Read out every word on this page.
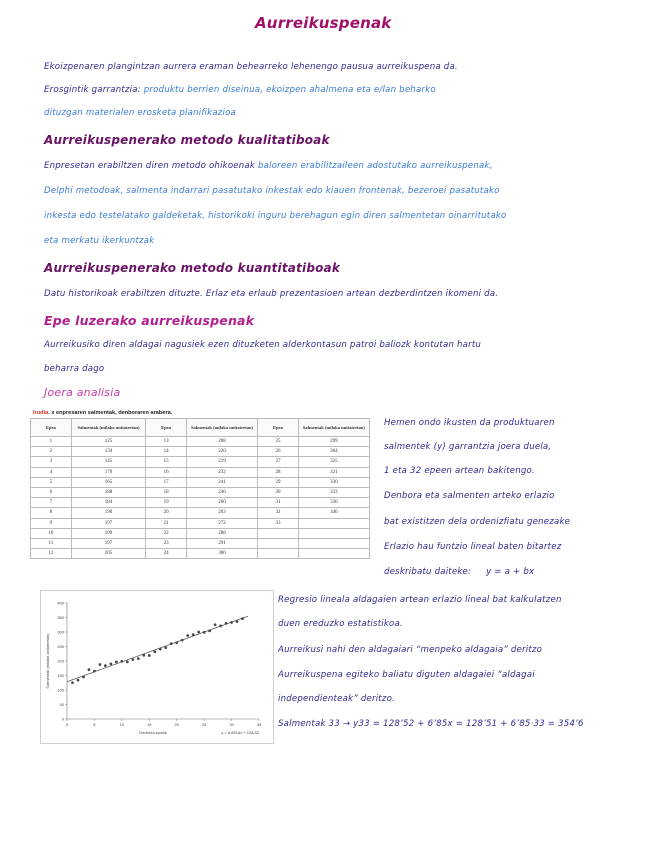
Aurreikuspenak
Ekoizpenaren plangintzan aurrera eraman behearreko lehenengo pausua aurreikuspena da.
Erosgintik garrantzia: produktu berrien diseinua, ekoizpen ahalmena eta e/lan beharko
dituzgan materialen erosketa planifikazioa
Aurreikuspenerako metodo kualitatiboak
Enpresetan erabiltzen diren metodo ohikoenak baloreen erabilitzaileen adostutako aurreikuspenak,
Delphi metodoak, salmenta indarrari pasatutako inkestak edo kiauen frontenak, bezeroei pasatutako
inkesta edo testelatako galdeketak, historikoki inguru berehagun egin diren salmentetan oinarritutako
eta merkatu ikerkuntzak
Aurreikuspenerako metodo kuantitatiboak
Datu historikoak erabiltzen dituzte. Erlaz eta erlaub prezentasioen artean dezberdintzen ikomeni da.
Epe luzerako aurreikuspenak
Aurreikusiko diren aldagai nagusiek ezen dituzketen alderkontasun patroi baliozk kontutan hartu
beharra dago
Joera analisia
Irudia. x enpresaren salmentak, denboraren arabera.
Epea	Salmentak (milaka unitateetan)	Epea	Salmentak (milaka unitateetan)	Epea	Salmentak (milaka unitateetan)
1	125	13	208	25	299
2	134	14	220	26	304
3	145	15	219	27	325
4	170	16	232	28	321
5	165	17	241	29	330
6	188	18	246	30	333
7	184	19	260	31	336
8	190	20	263	32	346
9	197	21	272	33	
10	199	22	288		
11	197	23	291		
12	205	24	300		
Hemen ondo ikusten da produktuaren
salmentek (y) garrantzia joera duela,
1 eta 32 epeen artean bakitengo.
Denbora eta salmenten arteko erlazio
bat existitzen dela ordenizfiatu genezake
Erlazio hau funtzio lineal baten bitartez
deskribatu daiteke: y = a + bx
0
50
100
150
200
250
300
350
400
0	5	10	15	20	25	30	35
Denbora-epeak
Salmentak (milaka unitateetan)
y = 6,8516x + 128,52
Regresio lineala aldagaien artean erlazio lineal bat kalkulatzen
duen ereduzko estatistikoa.
Aurreikusi nahi den aldagaiari “menpeko aldagaia” deritzo
Aurreikuspena egiteko baliatu diguten aldagaiei “aldagai
independienteak” deritzo.
Salmentak 33 → y33 = 128’52 + 6’85x = 128’51 + 6’85·33 = 354’6
